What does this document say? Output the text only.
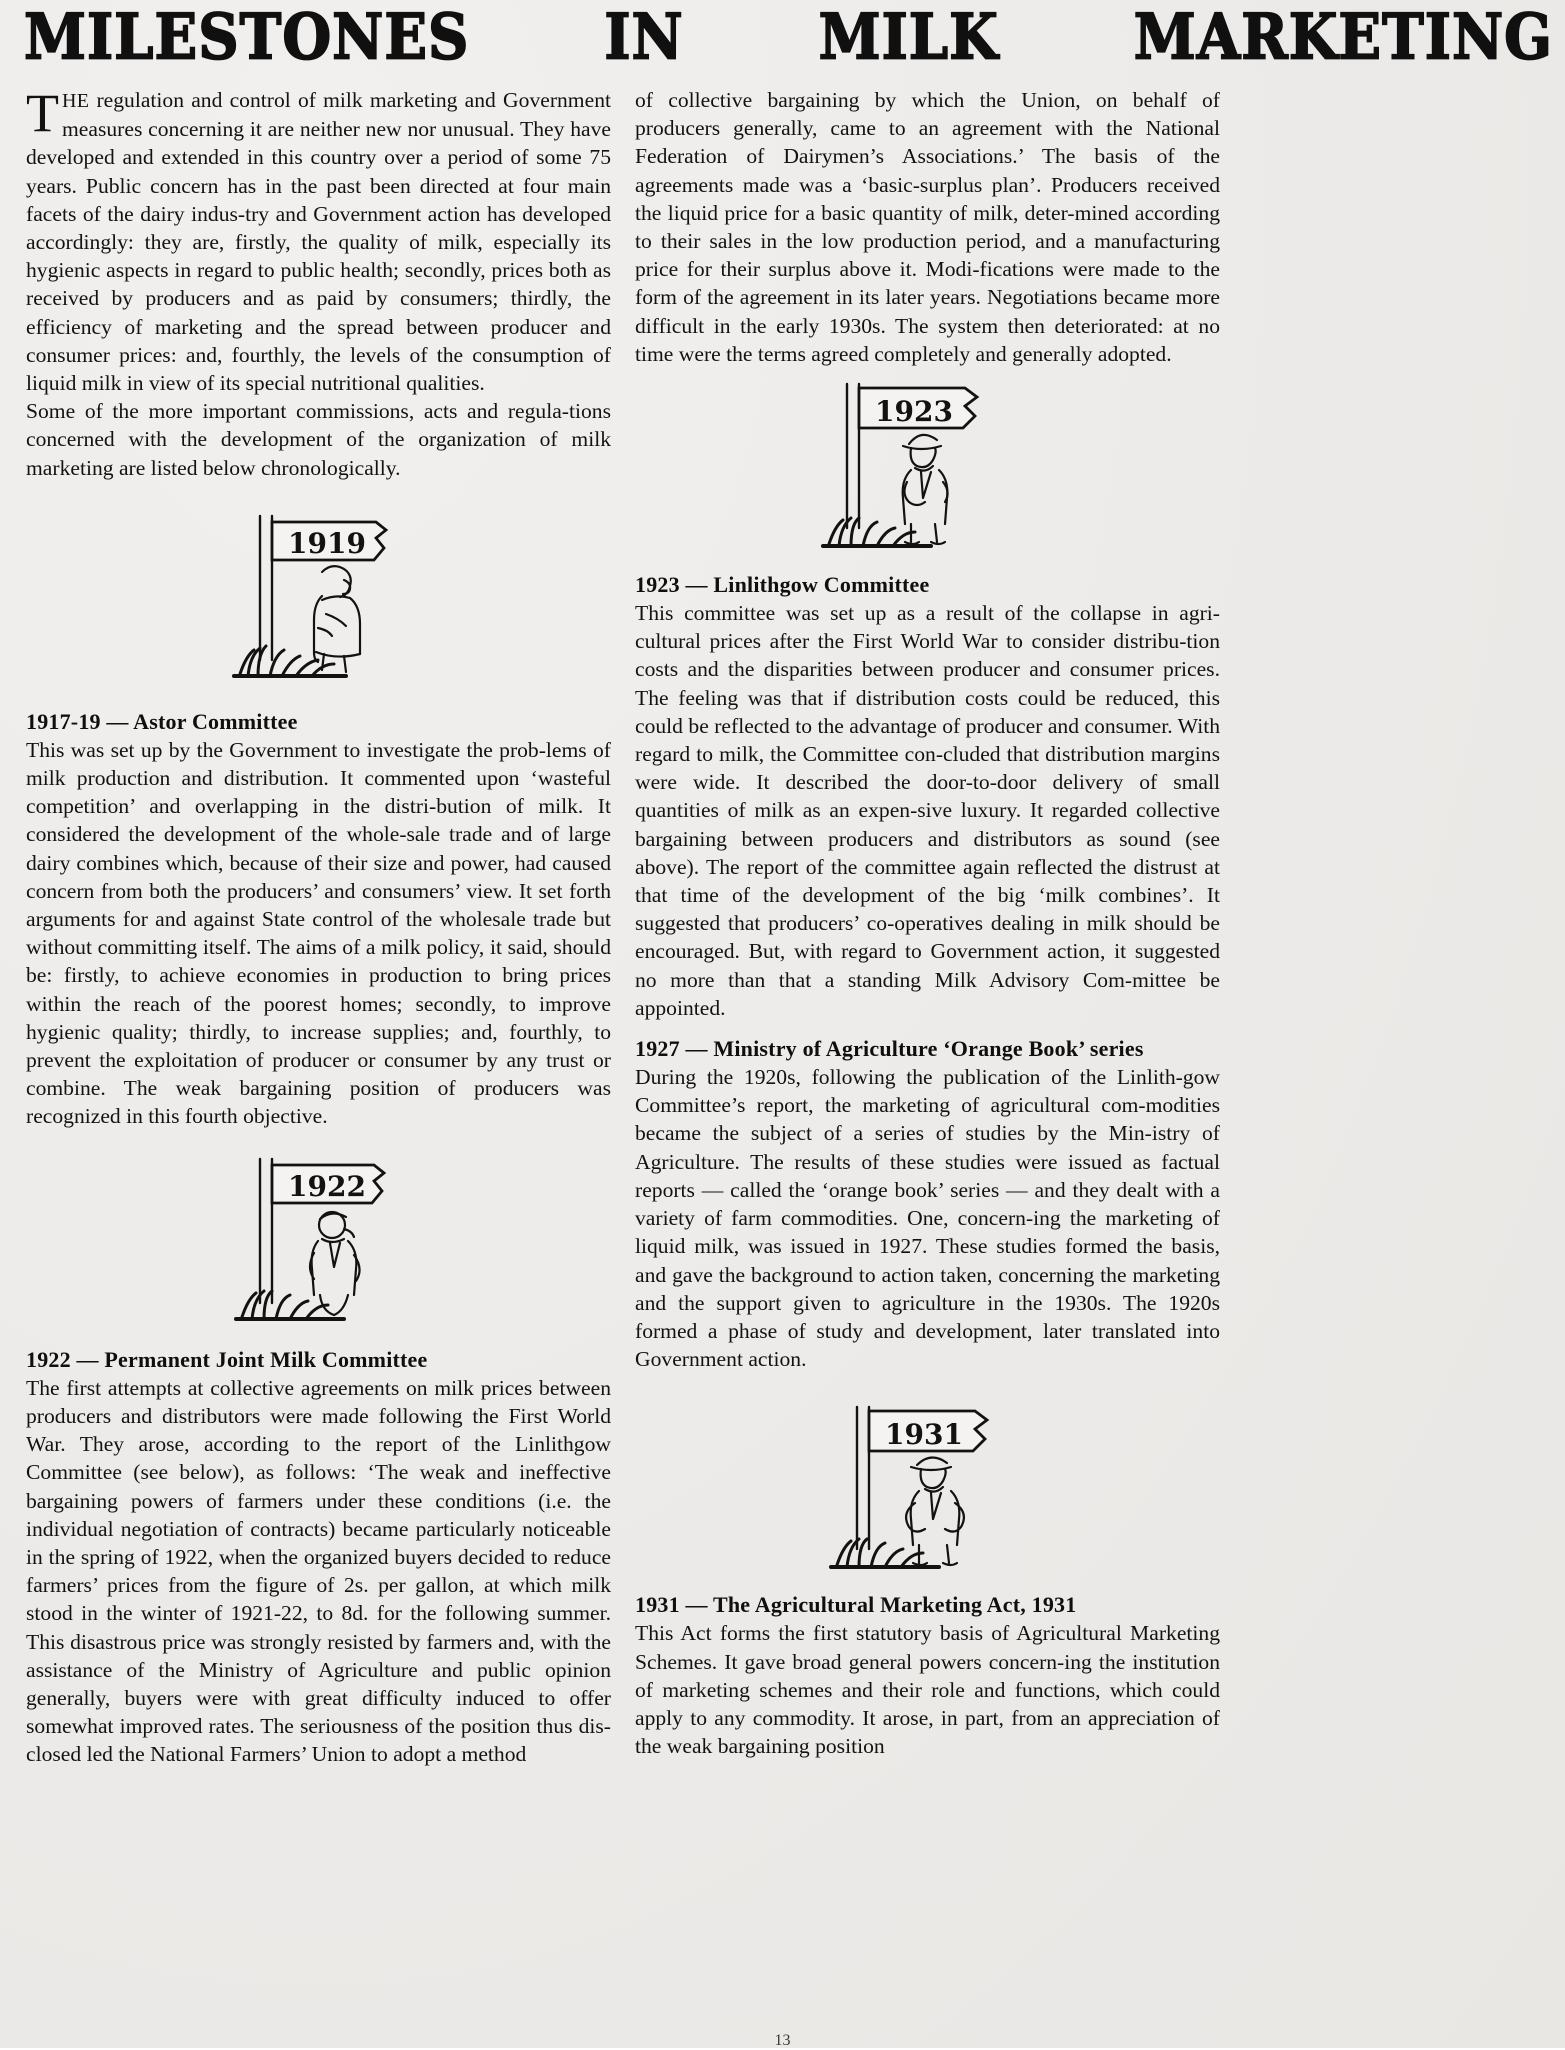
MILESTONES IN MILK MARKETING

THE regulation and control of milk marketing and Government measures concerning it are neither new nor unusual. They have developed and extended in this country over a period of some 75 years. Public concern has in the past been directed at four main facets of the dairy indus-try and Government action has developed accordingly: they are, firstly, the quality of milk, especially its hygienic aspects in regard to public health; secondly, prices both as received by producers and as paid by consumers; thirdly, the efficiency of marketing and the spread between producer and consumer prices: and, fourthly, the levels of the consumption of liquid milk in view of its special nutritional qualities.

Some of the more important commissions, acts and regula-tions concerned with the development of the organization of milk marketing are listed below chronologically.

1919
1917-19 — Astor Committee

This was set up by the Government to investigate the prob-lems of milk production and distribution. It commented upon ‘wasteful competition’ and overlapping in the distri-bution of milk. It considered the development of the whole-sale trade and of large dairy combines which, because of their size and power, had caused concern from both the producers’ and consumers’ view. It set forth arguments for and against State control of the wholesale trade but without committing itself. The aims of a milk policy, it said, should be: firstly, to achieve economies in production to bring prices within the reach of the poorest homes; secondly, to improve hygienic quality; thirdly, to increase supplies; and, fourthly, to prevent the exploitation of producer or consumer by any trust or combine. The weak bargaining position of producers was recognized in this fourth objective.

1922
1922 — Permanent Joint Milk Committee

The first attempts at collective agreements on milk prices between producers and distributors were made following the First World War. They arose, according to the report of the Linlithgow Committee (see below), as follows: ‘The weak and ineffective bargaining powers of farmers under these conditions (i.e. the individual negotiation of contracts) became particularly noticeable in the spring of 1922, when the organized buyers decided to reduce farmers’ prices from the figure of 2s. per gallon, at which milk stood in the winter of 1921-22, to 8d. for the following summer. This disastrous price was strongly resisted by farmers and, with the assistance of the Ministry of Agriculture and public opinion generally, buyers were with great difficulty induced to offer somewhat improved rates. The seriousness of the position thus dis-closed led the National Farmers’ Union to adopt a method

of collective bargaining by which the Union, on behalf of producers generally, came to an agreement with the National Federation of Dairymen’s Associations.’ The basis of the agreements made was a ‘basic-surplus plan’. Producers received the liquid price for a basic quantity of milk, deter-mined according to their sales in the low production period, and a manufacturing price for their surplus above it. Modi-fications were made to the form of the agreement in its later years. Negotiations became more difficult in the early 1930s. The system then deteriorated: at no time were the terms agreed completely and generally adopted.

1923
1923 — Linlithgow Committee

This committee was set up as a result of the collapse in agri-cultural prices after the First World War to consider distribu-tion costs and the disparities between producer and consumer prices. The feeling was that if distribution costs could be reduced, this could be reflected to the advantage of producer and consumer. With regard to milk, the Committee con-cluded that distribution margins were wide. It described the door-to-door delivery of small quantities of milk as an expen-sive luxury. It regarded collective bargaining between producers and distributors as sound (see above). The report of the committee again reflected the distrust at that time of the development of the big ‘milk combines’. It suggested that producers’ co-operatives dealing in milk should be encouraged. But, with regard to Government action, it suggested no more than that a standing Milk Advisory Com-mittee be appointed.

1927 — Ministry of Agriculture ‘Orange Book’ series

During the 1920s, following the publication of the Linlith-gow Committee’s report, the marketing of agricultural com-modities became the subject of a series of studies by the Min-istry of Agriculture. The results of these studies were issued as factual reports — called the ‘orange book’ series — and they dealt with a variety of farm commodities. One, concern-ing the marketing of liquid milk, was issued in 1927. These studies formed the basis, and gave the background to action taken, concerning the marketing and the support given to agriculture in the 1930s. The 1920s formed a phase of study and development, later translated into Government action.

1931
1931 — The Agricultural Marketing Act, 1931

This Act forms the first statutory basis of Agricultural Marketing Schemes. It gave broad general powers concern-ing the institution of marketing schemes and their role and functions, which could apply to any commodity. It arose, in part, from an appreciation of the weak bargaining position

13
